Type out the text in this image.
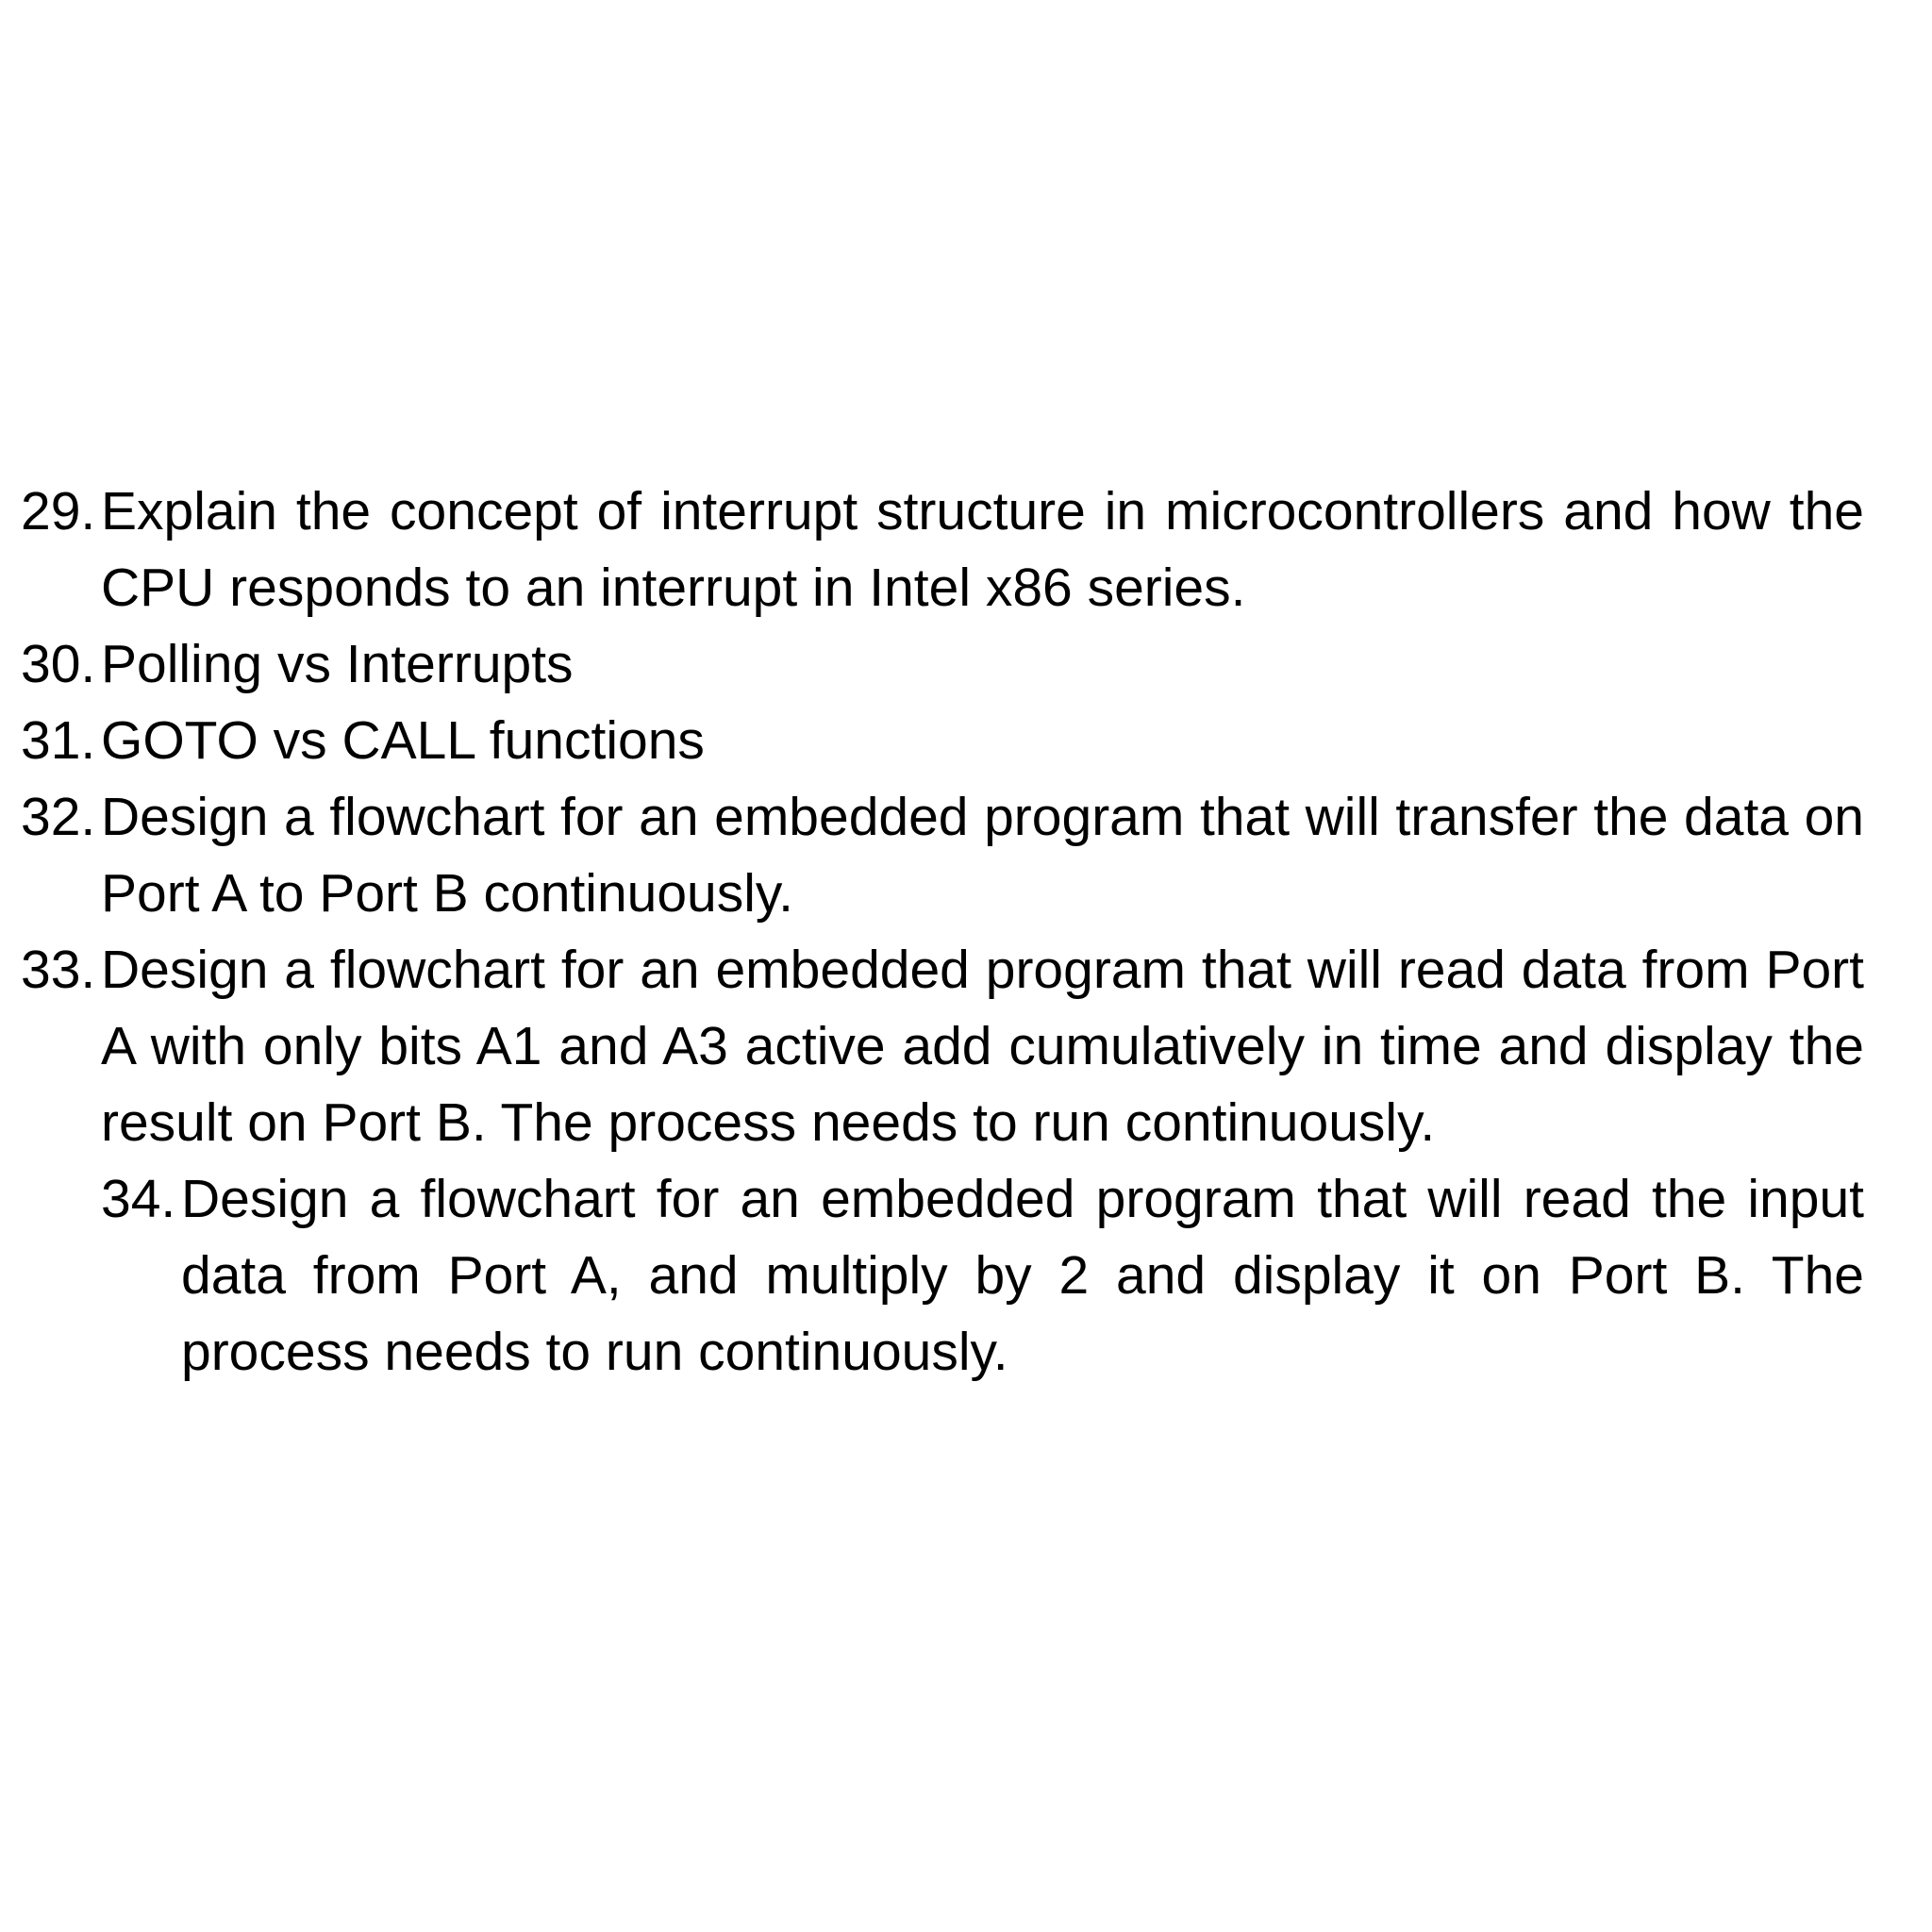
29. Explain the concept of interrupt structure in microcontrollers and how the CPU responds to an interrupt in Intel x86 series.
30. Polling vs Interrupts
31. GOTO vs CALL functions
32. Design a flowchart for an embedded program that will transfer the data on Port A to Port B continuously.
33. Design a flowchart for an embedded program that will read data from Port A with only bits A1 and A3 active add cumulatively in time and display the result on Port B. The process needs to run continuously.
34. Design a flowchart for an embedded program that will read the input data from Port A, and multiply by 2 and display it on Port B. The process needs to run continuously.
